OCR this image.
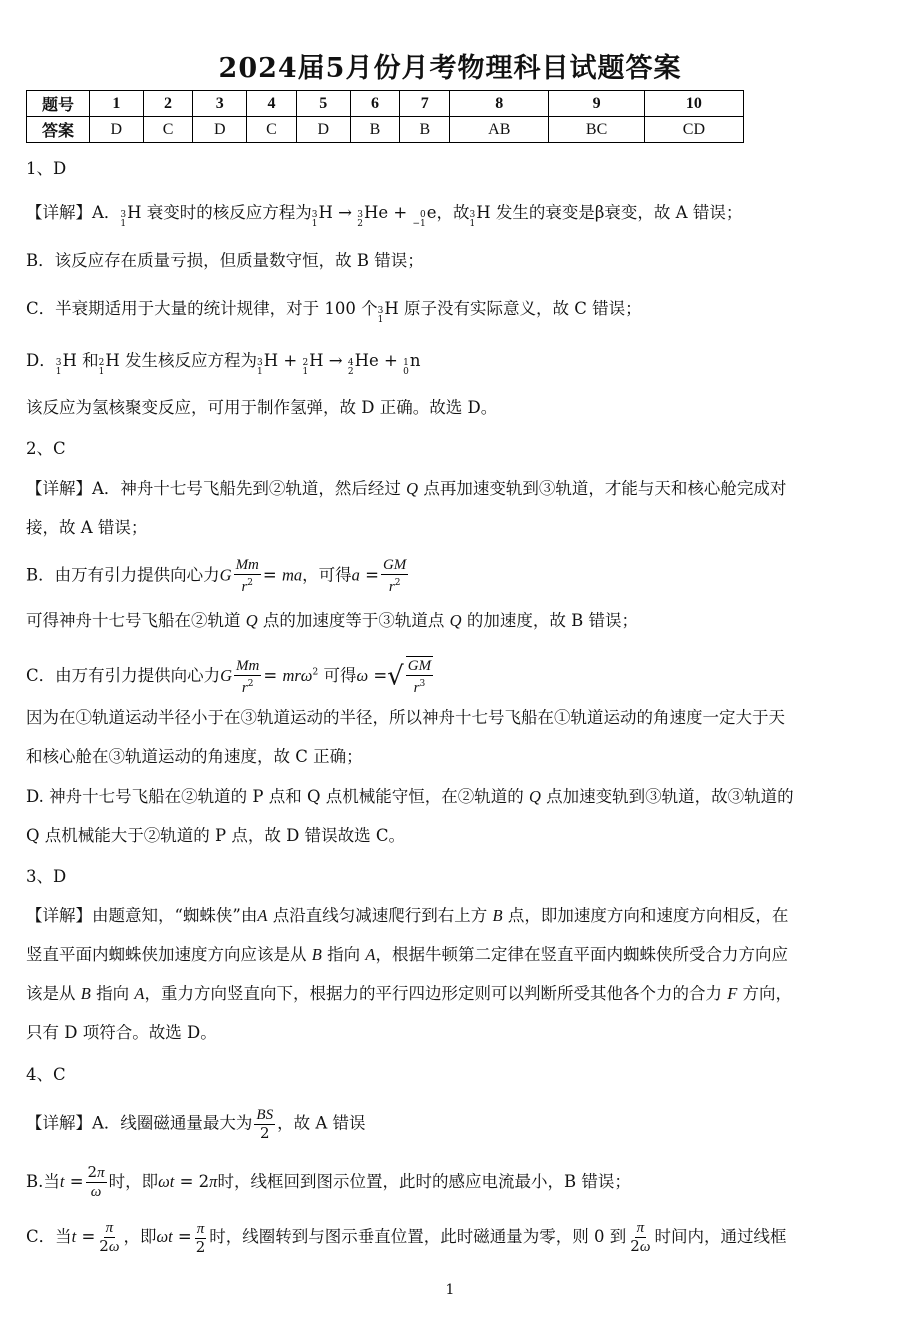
2024届5月份月考物理科目试题答案
题号	1	2	3	4	5	6	7	8	9	10
答案	D	C	D	C	D	B	B	AB	BC	CD
1、D
【详解】A． 3
1
H 衰变时的核反应方程为 3
1
H → 3
2
He + 0
−1
e，故 3
1
H 发生的衰变是β衰变，故 A 错误；
B．该反应存在质量亏损，但质量数守恒，故 B 错误；
C．半衰期适用于大量的统计规律，对于 100 个 3
1
H 原子没有实际意义，故 C 错误；
D． 3
1
H 和 2
1
H 发生核反应方程为 3
1
H + 2
1
H → 4
2
He + 1
0
n
该反应为氢核聚变反应，可用于制作氢弹，故 D 正确。故选 D。
2、C
【详解】A．神舟十七号飞船先到②轨道，然后经过 Q 点再加速变轨到③轨道，才能与天和核心舱完成对
接，故 A 错误；
B．由万有引力提供向心力G $\frac{Mm}{r^2}$ = ma，可得$a = \frac{GM}{r^2}$
可得神舟十七号飞船在②轨道 Q 点的加速度等于③轨道点 Q 的加速度，故 B 错误；
C．由万有引力提供向心力G $\frac{Mm}{r^2} = mr\omega^2$ 可得ω =√ $\frac{GM}{r^3}$
因为在①轨道运动半径小于在③轨道运动的半径，所以神舟十七号飞船在①轨道运动的角速度一定大于天
和核心舱在③轨道运动的角速度，故 C 正确；
D. 神舟十七号飞船在②轨道的 P 点和 Q 点机械能守恒，在②轨道的 Q 点加速变轨到③轨道，故③轨道的
Q 点机械能大于②轨道的 P 点，故 D 错误故选 C。
3、D
【详解】由题意知，“蜘蛛侠”由A 点沿直线匀减速爬行到右上方 B 点，即加速度方向和速度方向相反，在
竖直平面内蜘蛛侠加速度方向应该是从 B 指向 A，根据牛顿第二定律在竖直平面内蜘蛛侠所受合力方向应
该是从 B 指向 A，重力方向竖直向下，根据力的平行四边形定则可以判断所受其他各个力的合力 F 方向，
只有 D 项符合。故选 D。
4、C
【详解】A．线圈磁通量最大为 $\frac{BS}{2}$ ，故 A 错误
B.当$t = \frac{2\pi}{\omega}$ 时，即ωt = 2π时，线框回到图示位置，此时的感应电流最小，B 错误；
C．当$t = \frac{\pi}{2\omega}$ ，即$\omega t = \frac{\pi}{2}$ 时，线圈转到与图示垂直位置，此时磁通量为零，则 0 到 $\frac{\pi}{2\omega}$ 时间内，通过线框
1
